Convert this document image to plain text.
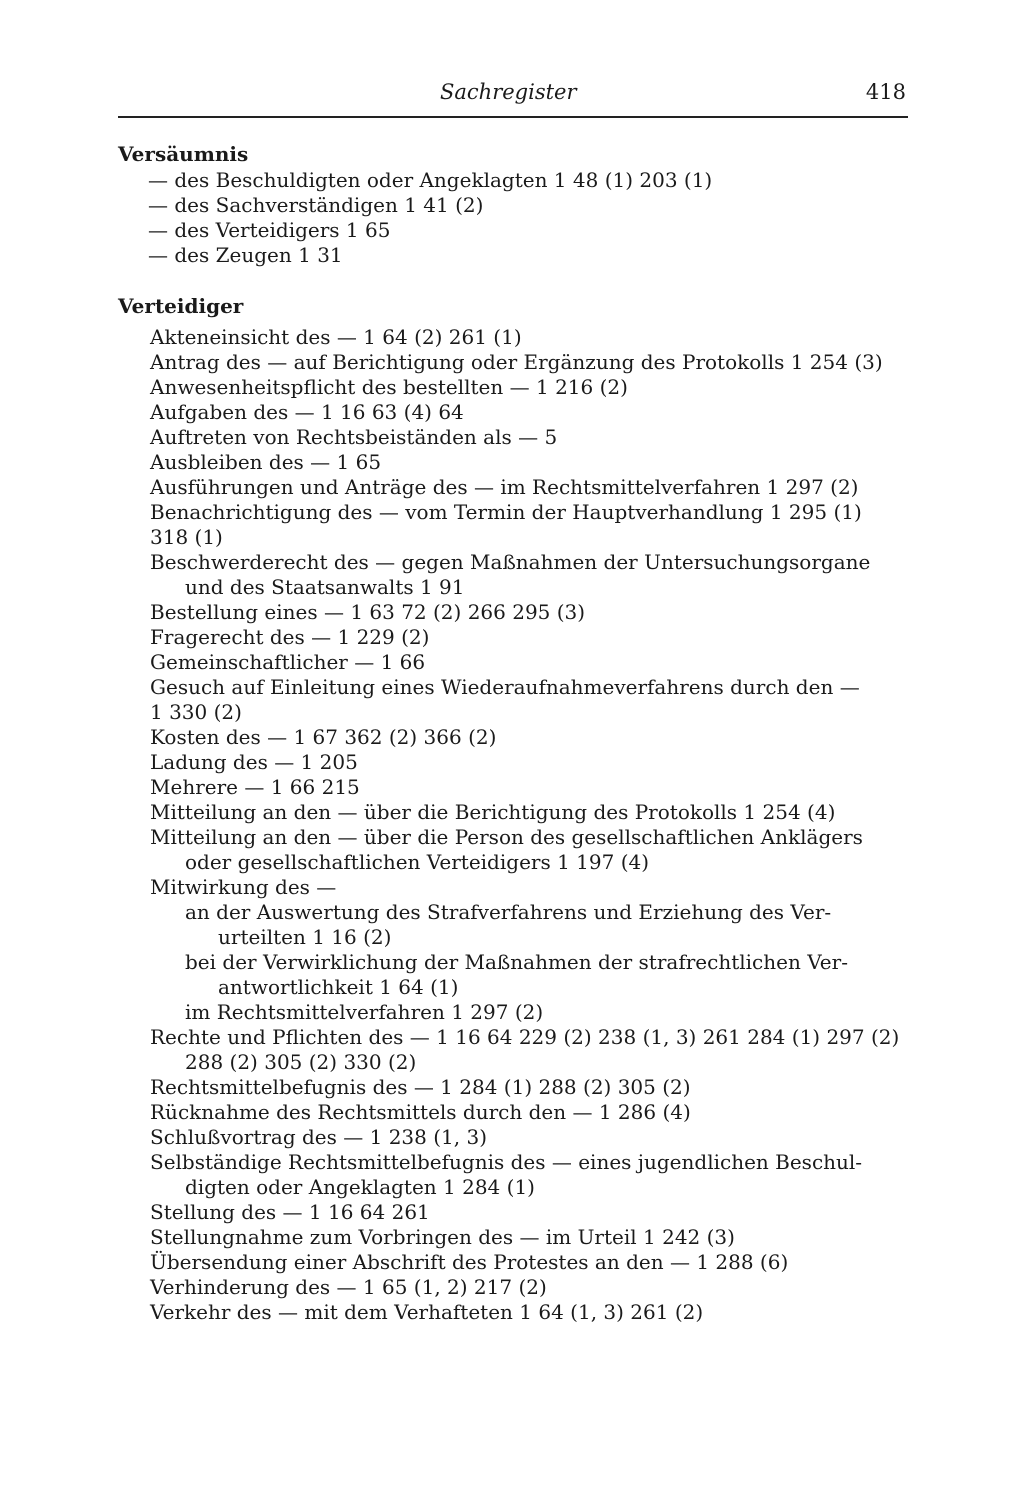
Sachregister	418
Versäumnis
— des Beschuldigten oder Angeklagten 1 48 (1) 203 (1)
— des Sachverständigen 1 41 (2)
— des Verteidigers 1 65
— des Zeugen 1 31
Verteidiger
Akteneinsicht des — 1 64 (2) 261 (1)
Antrag des — auf Berichtigung oder Ergänzung des Protokolls 1 254 (3)
Anwesenheitspflicht des bestellten — 1 216 (2)
Aufgaben des — 1 16 63 (4) 64
Auftreten von Rechtsbeiständen als — 5
Ausbleiben des — 1 65
Ausführungen und Anträge des — im Rechtsmittelverfahren 1 297 (2)
Benachrichtigung des — vom Termin der Hauptverhandlung 1 295 (1)
318 (1)
Beschwerderecht des — gegen Maßnahmen der Untersuchungsorgane
und des Staatsanwalts 1 91
Bestellung eines — 1 63 72 (2) 266 295 (3)
Fragerecht des — 1 229 (2)
Gemeinschaftlicher — 1 66
Gesuch auf Einleitung eines Wiederaufnahmeverfahrens durch den —
1 330 (2)
Kosten des — 1 67 362 (2) 366 (2)
Ladung des — 1 205
Mehrere — 1 66 215
Mitteilung an den — über die Berichtigung des Protokolls 1 254 (4)
Mitteilung an den — über die Person des gesellschaftlichen Anklägers
oder gesellschaftlichen Verteidigers 1 197 (4)
Mitwirkung des —
an der Auswertung des Strafverfahrens und Erziehung des Ver-
urteilten 1 16 (2)
bei der Verwirklichung der Maßnahmen der strafrechtlichen Ver-
antwortlichkeit 1 64 (1)
im Rechtsmittelverfahren 1 297 (2)
Rechte und Pflichten des — 1 16 64 229 (2) 238 (1, 3) 261 284 (1) 297 (2)
288 (2) 305 (2) 330 (2)
Rechtsmittelbefugnis des — 1 284 (1) 288 (2) 305 (2)
Rücknahme des Rechtsmittels durch den — 1 286 (4)
Schlußvortrag des — 1 238 (1, 3)
Selbständige Rechtsmittelbefugnis des — eines jugendlichen Beschul-
digten oder Angeklagten 1 284 (1)
Stellung des — 1 16 64 261
Stellungnahme zum Vorbringen des — im Urteil 1 242 (3)
Übersendung einer Abschrift des Protestes an den — 1 288 (6)
Verhinderung des — 1 65 (1, 2) 217 (2)
Verkehr des — mit dem Verhafteten 1 64 (1, 3) 261 (2)
